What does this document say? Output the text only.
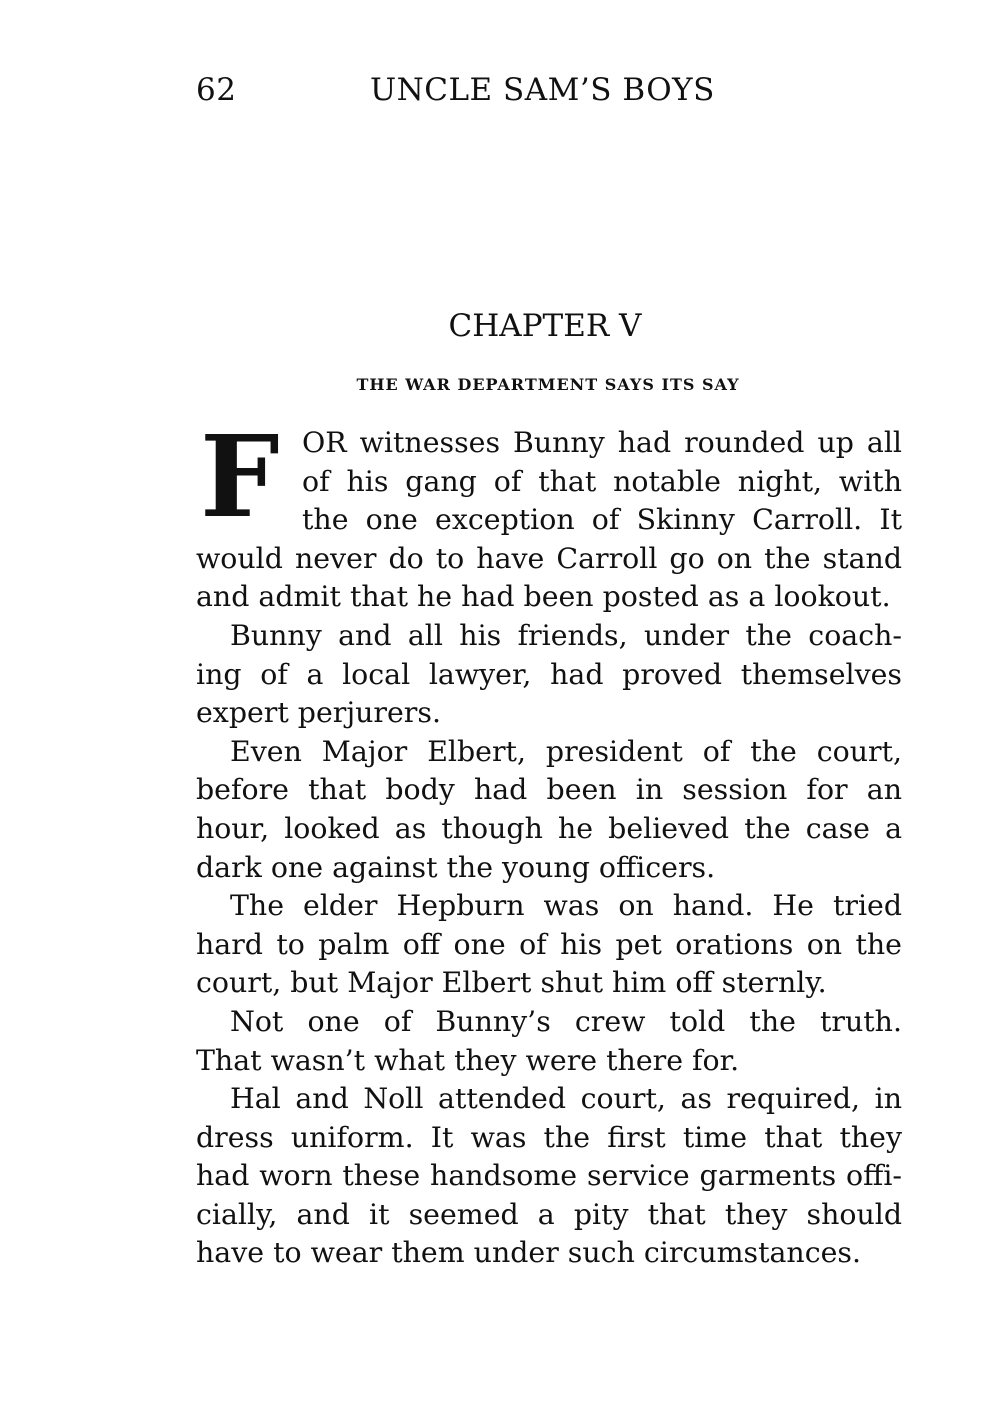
62	UNCLE SAM’S BOYS
CHAPTER V
THE WAR DEPARTMENT SAYS ITS SAY
F OR witnesses Bunny had rounded up all
of his gang of that notable night, with
the one exception of Skinny Carroll. It
would never do to have Carroll go on the stand
and admit that he had been posted as a lookout.
Bunny and all his friends, under the coach-
ing of a local lawyer, had proved themselves
expert perjurers.
Even Major Elbert, president of the court,
before that body had been in session for an
hour, looked as though he believed the case a
dark one against the young officers.
The elder Hepburn was on hand. He tried
hard to palm off one of his pet orations on the
court, but Major Elbert shut him off sternly.
Not one of Bunny’s crew told the truth.
That wasn’t what they were there for.
Hal and Noll attended court, as required, in
dress uniform. It was the first time that they
had worn these handsome service garments offi-
cially, and it seemed a pity that they should
have to wear them under such circumstances.
